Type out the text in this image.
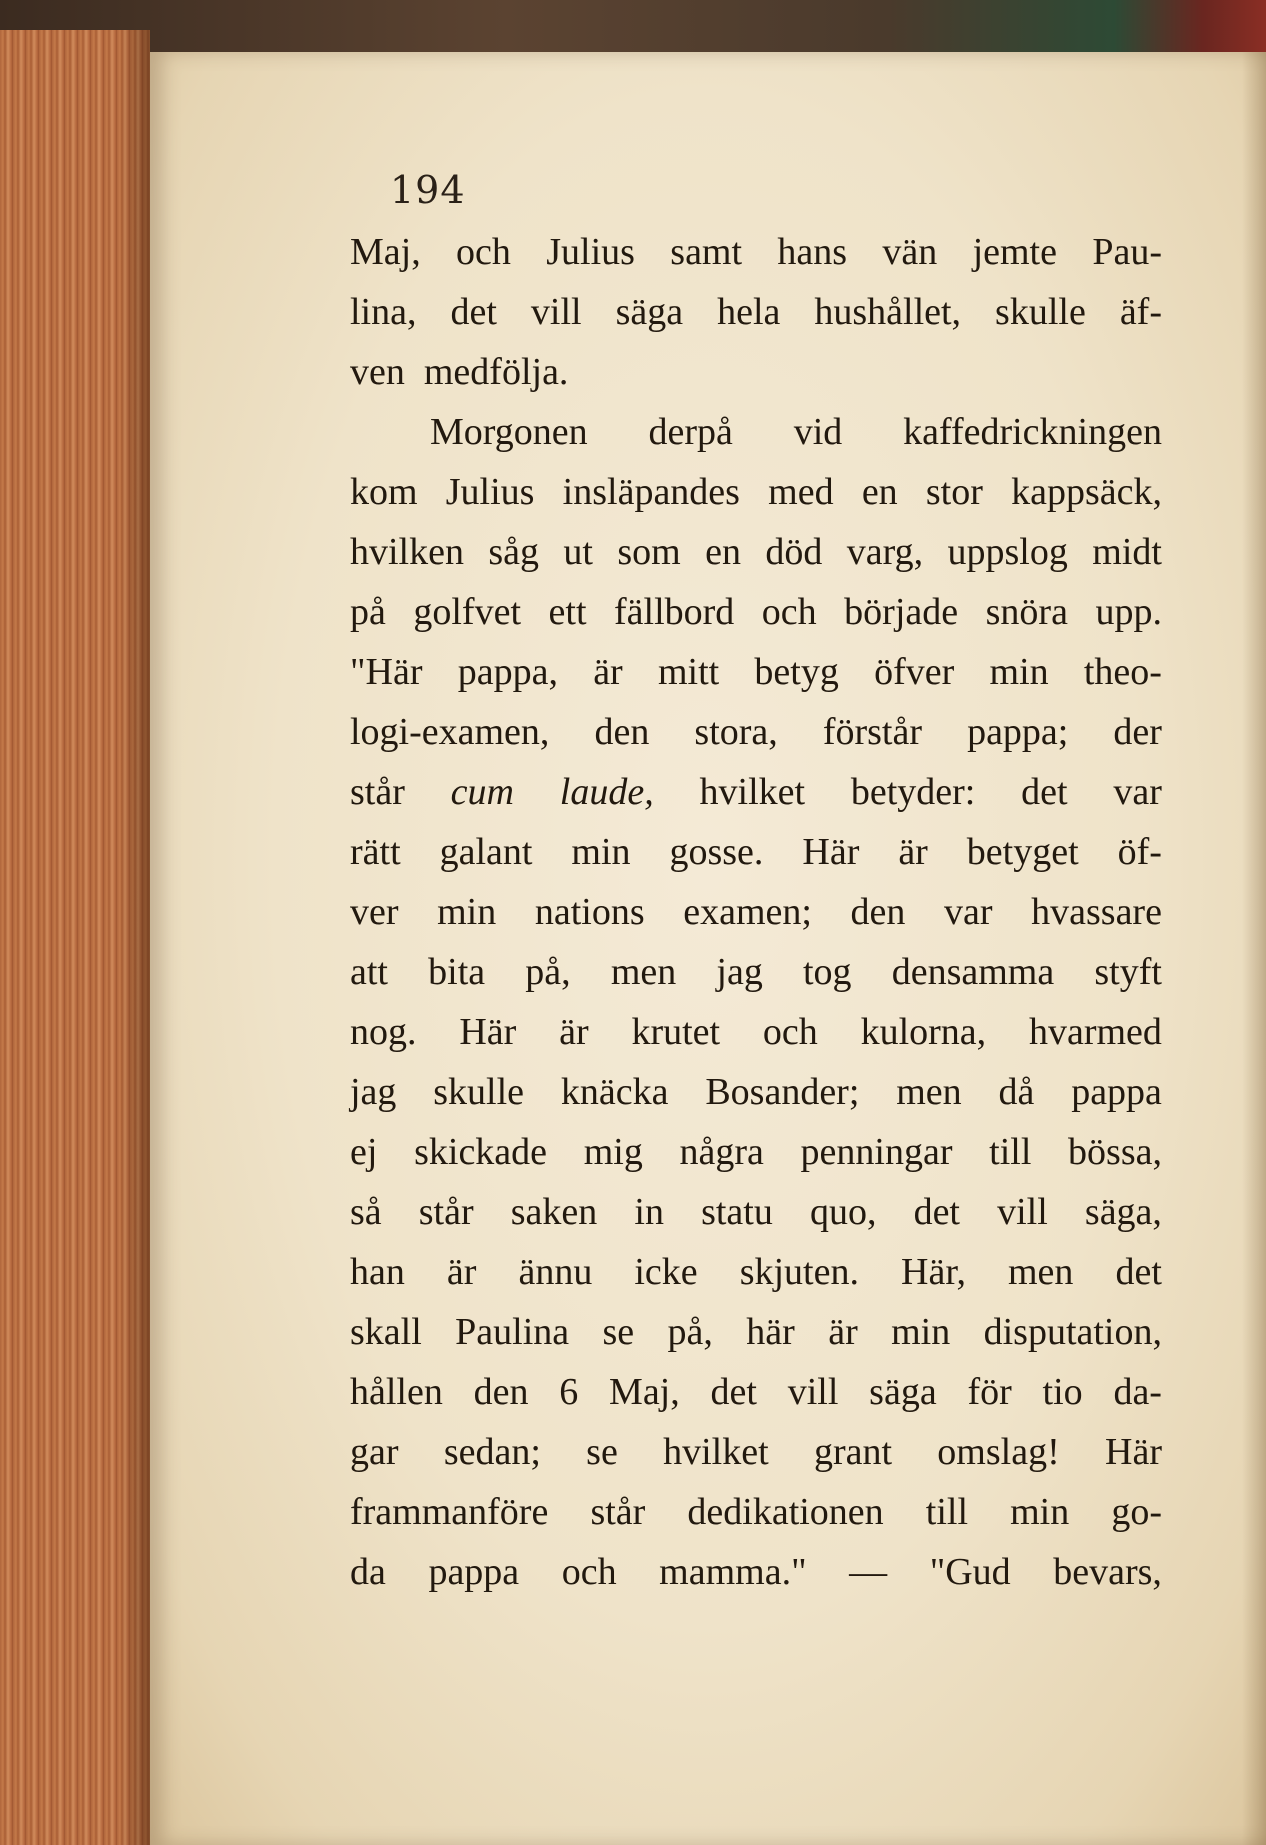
194
Maj, och Julius samt hans vän jemte Pau-
lina, det vill säga hela hushållet, skulle äf-
ven
medfölja.
Morgonen derpå vid kaffedrickningen
kom Julius insläpandes med en stor kappsäck,
hvilken såg ut som en död varg, uppslog midt
på golfvet ett fällbord och började snöra upp.
"Här pappa, är mitt betyg öfver min theo-
logi-examen, den stora, förstår pappa; der
står cum laude, hvilket betyder: det var
rätt galant min gosse. Här är betyget öf-
ver min nations examen; den var hvassare
att bita på, men jag tog densamma styft
nog. Här är krutet och kulorna, hvarmed
jag skulle knäcka Bosander; men då pappa
ej skickade mig några penningar till bössa,
så står saken in statu quo, det vill säga,
han är ännu icke skjuten. Här, men det
skall Paulina se på, här är min disputation,
hållen den 6 Maj, det vill säga för tio da-
gar sedan; se hvilket grant omslag! Här
frammanföre står dedikationen till min go-
da pappa och mamma." — "Gud bevars,
